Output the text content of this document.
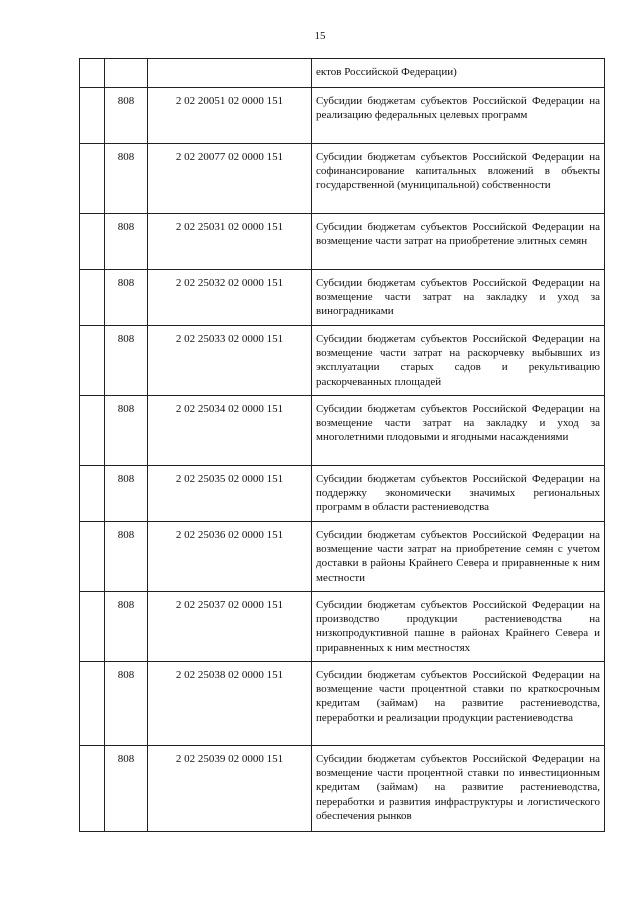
15
			ектов Российской Федерации)
	808	2 02 20051 02 0000 151	Субсидии бюджетам субъектов Российской Федерации на реализацию федеральных целевых программ
	808	2 02 20077 02 0000 151	Субсидии бюджетам субъектов Российской Федерации на софинансирование капитальных вложений в объекты государственной (муниципальной) собственности
	808	2 02 25031 02 0000 151	Субсидии бюджетам субъектов Российской Федерации на возмещение части затрат на приобретение элитных семян
	808	2 02 25032 02 0000 151	Субсидии бюджетам субъектов Российской Федерации на возмещение части затрат на закладку и уход за виноградниками
	808	2 02 25033 02 0000 151	Субсидии бюджетам субъектов Российской Федерации на возмещение части затрат на раскорчевку выбывших из эксплуатации старых садов и рекультивацию раскорчеванных площадей
	808	2 02 25034 02 0000 151	Субсидии бюджетам субъектов Российской Федерации на возмещение части затрат на закладку и уход за многолетними плодовыми и ягодными насаждениями
	808	2 02 25035 02 0000 151	Субсидии бюджетам субъектов Российской Федерации на поддержку экономически значимых региональных программ в области растениеводства
	808	2 02 25036 02 0000 151	Субсидии бюджетам субъектов Российской Федерации на возмещение части затрат на приобретение семян с учетом доставки в районы Крайнего Севера и приравненные к ним местности
	808	2 02 25037 02 0000 151	Субсидии бюджетам субъектов Российской Федерации на производство продукции растениеводства на низкопродуктивной пашне в районах Крайнего Севера и приравненных к ним местностях
	808	2 02 25038 02 0000 151	Субсидии бюджетам субъектов Российской Федерации на возмещение части процентной ставки по краткосрочным кредитам (займам) на развитие растениеводства, переработки и реализации продукции растениеводства
	808	2 02 25039 02 0000 151	Субсидии бюджетам субъектов Российской Федерации на возмещение части процентной ставки по инвестиционным кредитам (займам) на развитие растениеводства, переработки и развития инфраструктуры и логистического обеспечения рынков
